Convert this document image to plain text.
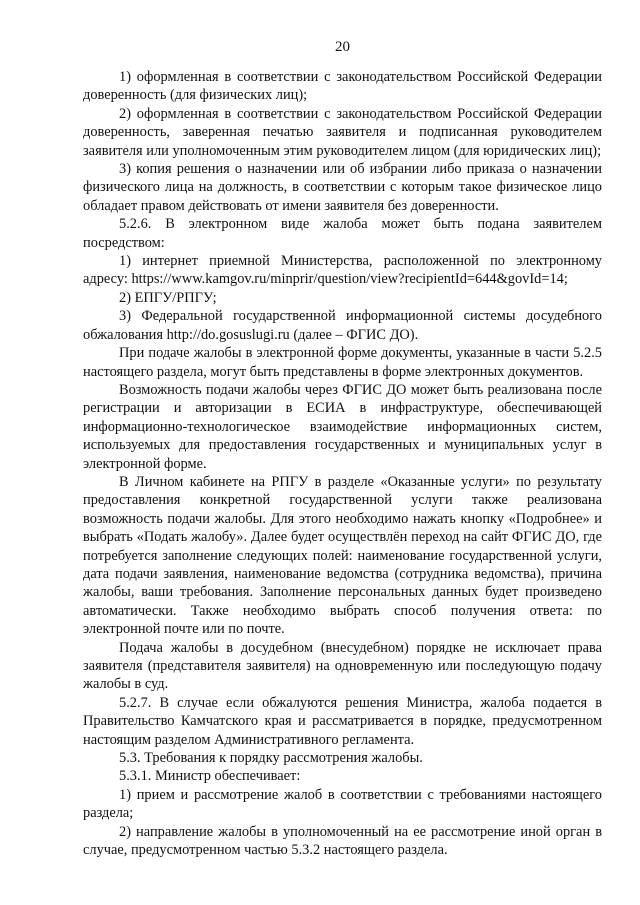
20

1) оформленная в соответствии с законодательством Российской Федерации доверенность (для физических лиц);

2) оформленная в соответствии с законодательством Российской Федерации доверенность, заверенная печатью заявителя и подписанная руководителем заявителя или уполномоченным этим руководителем лицом (для юридических лиц);

3) копия решения о назначении или об избрании либо приказа о назначении физического лица на должность, в соответствии с которым такое физическое лицо обладает правом действовать от имени заявителя без доверенности.

5.2.6. В электронном виде жалоба может быть подана заявителем посредством:

1) интернет приемной Министерства, расположенной по электронному адресу: https://www.kamgov.ru/minprir/question/view?recipientId=644&govId=14;

2) ЕПГУ/РПГУ;

3) Федеральной государственной информационной системы досудебного обжалования http://do.gosuslugi.ru (далее – ФГИС ДО).

При подаче жалобы в электронной форме документы, указанные в части 5.2.5 настоящего раздела, могут быть представлены в форме электронных документов.

Возможность подачи жалобы через ФГИС ДО может быть реализована после регистрации и авторизации в ЕСИА в инфраструктуре, обеспечивающей информационно-технологическое взаимодействие информационных систем, используемых для предоставления государственных и муниципальных услуг в электронной форме.

В Личном кабинете на РПГУ в разделе «Оказанные услуги» по результату предоставления конкретной государственной услуги также реализована возможность подачи жалобы. Для этого необходимо нажать кнопку «Подробнее» и выбрать «Подать жалобу». Далее будет осуществлён переход на сайт ФГИС ДО, где потребуется заполнение следующих полей: наименование государственной услуги, дата подачи заявления, наименование ведомства (сотрудника ведомства), причина жалобы, ваши требования. Заполнение персональных данных будет произведено автоматически. Также необходимо выбрать способ получения ответа: по электронной почте или по почте.

Подача жалобы в досудебном (внесудебном) порядке не исключает права заявителя (представителя заявителя) на одновременную или последующую подачу жалобы в суд.

5.2.7. В случае если обжалуются решения Министра, жалоба подается в Правительство Камчатского края и рассматривается в порядке, предусмотренном настоящим разделом Административного регламента.

5.3. Требования к порядку рассмотрения жалобы.

5.3.1. Министр обеспечивает:

1) прием и рассмотрение жалоб в соответствии с требованиями настоящего раздела;

2) направление жалобы в уполномоченный на ее рассмотрение иной орган в случае, предусмотренном частью 5.3.2 настоящего раздела.
